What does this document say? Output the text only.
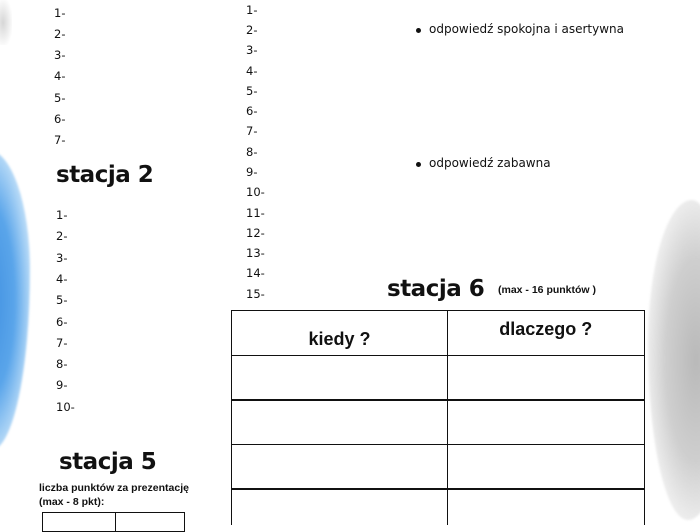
1-
2-
3-
4-
5-
6-
7-
stacja 2
1-
2-
3-
4-
5-
6-
7-
8-
9-
10-
stacja 5
liczba punktów za prezentację
(max - 8 pkt):
1-
2-
3-
4-
5-
6-
7-
8-
9-
10-
11-
12-
14-
13-
15-
odpowiedź spokojna i asertywna
odpowiedź zabawna
stacja 6 (max - 16 punktów )
kiedy ?	dlaczego ?
